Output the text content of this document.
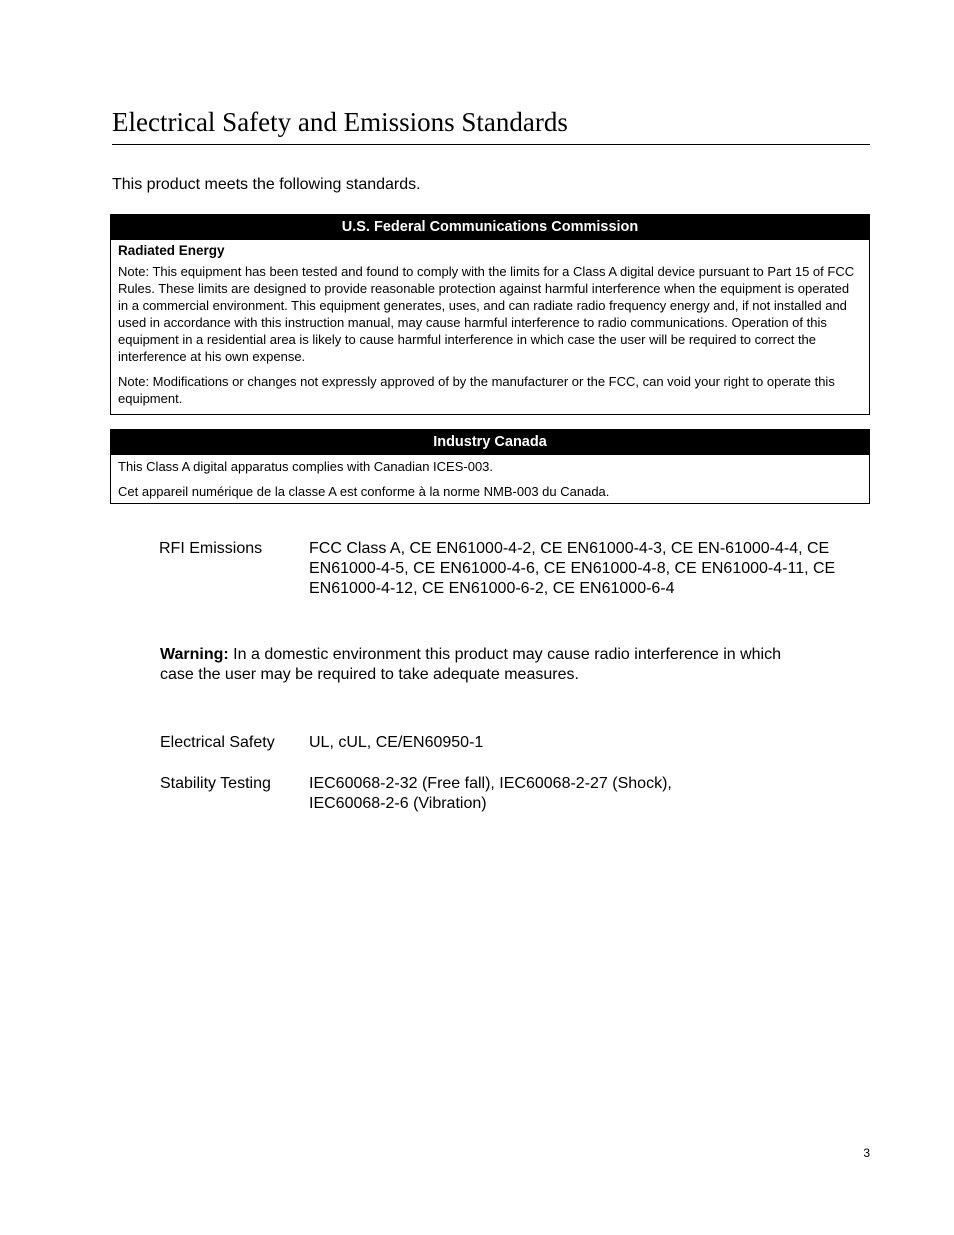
Electrical Safety and Emissions Standards
This product meets the following standards.
U.S. Federal Communications Commission
Radiated Energy

Note: This equipment has been tested and found to comply with the limits for a Class A digital device pursuant to Part 15 of FCC Rules. These limits are designed to provide reasonable protection against harmful interference when the equipment is operated in a commercial environment. This equipment generates, uses, and can radiate radio frequency energy and, if not installed and used in accordance with this instruction manual, may cause harmful interference to radio communications. Operation of this equipment in a residential area is likely to cause harmful interference in which case the user will be required to correct the interference at his own expense.

Note: Modifications or changes not expressly approved of by the manufacturer or the FCC, can void your right to operate this equipment.

Industry Canada

This Class A digital apparatus complies with Canadian ICES-003.

Cet appareil numérique de la classe A est conforme à la norme NMB-003 du Canada.

RFI Emissions	FCC Class A, CE EN61000-4-2, CE EN61000-4-3, CE EN-61000-4-4, CE EN61000-4-5, CE EN61000-4-6, CE EN61000-4-8, CE EN61000-4-11, CE EN61000-4-12, CE EN61000-6-2, CE EN61000-6-4
Warning: In a domestic environment this product may cause radio interference in which case the user may be required to take adequate measures.
Electrical Safety UL, cUL, CE/EN60950-1
Stability Testing IEC60068-2-32 (Free fall), IEC60068-2-27 (Shock), IEC60068-2-6 (Vibration)
3
